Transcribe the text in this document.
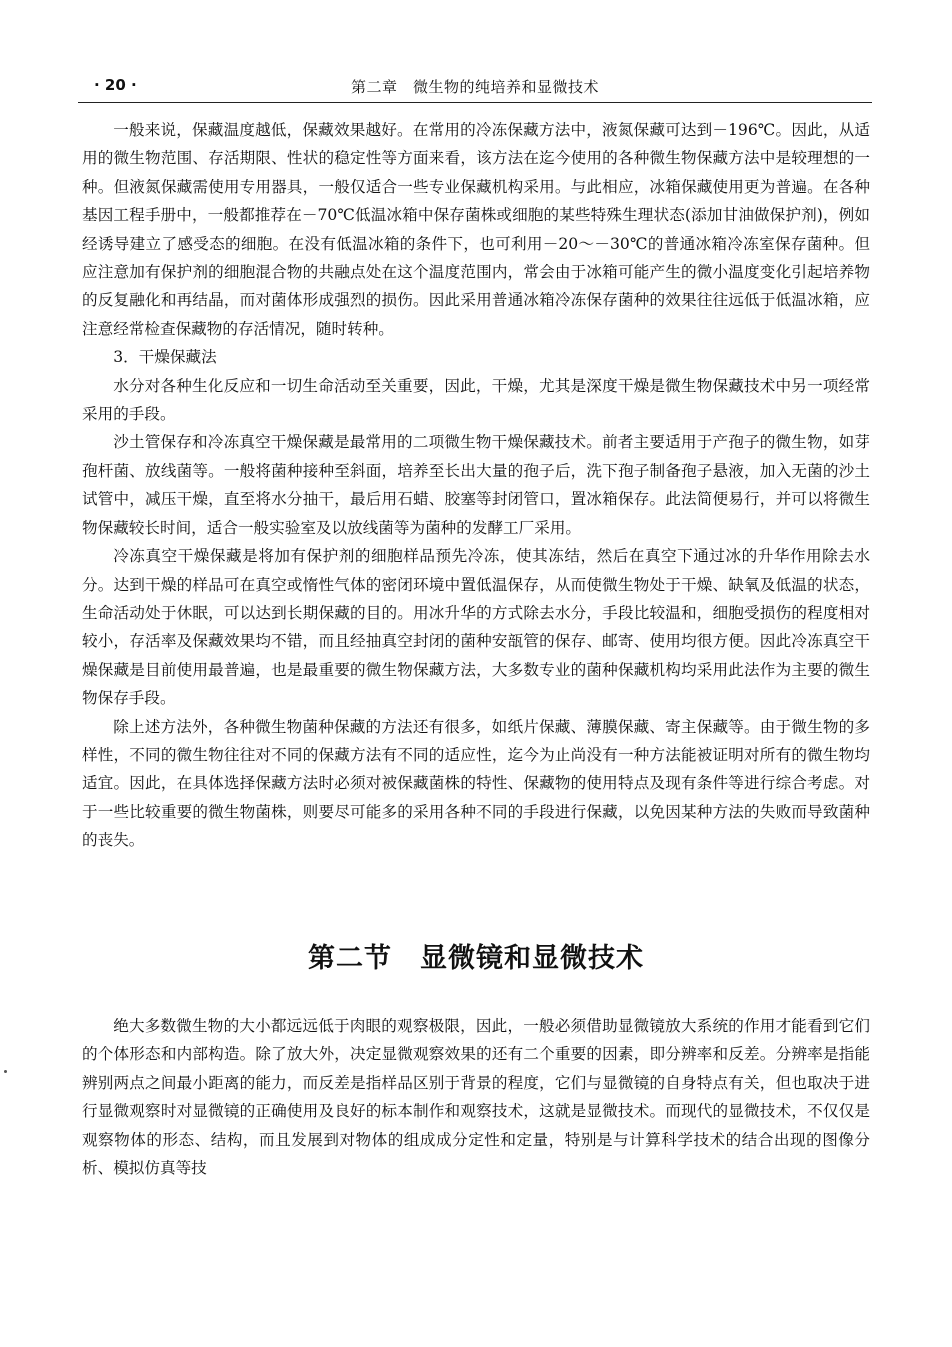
· 20 ·	第二章　微生物的纯培养和显微技术

一般来说，保藏温度越低，保藏效果越好。在常用的冷冻保藏方法中，液氮保藏可达到－196℃。因此，从适用的微生物范围、存活期限、性状的稳定性等方面来看，该方法在迄今使用的各种微生物保藏方法中是较理想的一种。但液氮保藏需使用专用器具，一般仅适合一些专业保藏机构采用。与此相应，冰箱保藏使用更为普遍。在各种基因工程手册中，一般都推荐在－70℃低温冰箱中保存菌株或细胞的某些特殊生理状态(添加甘油做保护剂)，例如经诱导建立了感受态的细胞。在没有低温冰箱的条件下，也可利用－20～－30℃的普通冰箱冷冻室保存菌种。但应注意加有保护剂的细胞混合物的共融点处在这个温度范围内，常会由于冰箱可能产生的微小温度变化引起培养物的反复融化和再结晶，而对菌体形成强烈的损伤。因此采用普通冰箱冷冻保存菌种的效果往往远低于低温冰箱，应注意经常检查保藏物的存活情况，随时转种。

3．干燥保藏法

水分对各种生化反应和一切生命活动至关重要，因此，干燥，尤其是深度干燥是微生物保藏技术中另一项经常采用的手段。

沙土管保存和冷冻真空干燥保藏是最常用的二项微生物干燥保藏技术。前者主要适用于产孢子的微生物，如芽孢杆菌、放线菌等。一般将菌种接种至斜面，培养至长出大量的孢子后，洗下孢子制备孢子悬液，加入无菌的沙土试管中，减压干燥，直至将水分抽干，最后用石蜡、胶塞等封闭管口，置冰箱保存。此法简便易行，并可以将微生物保藏较长时间，适合一般实验室及以放线菌等为菌种的发酵工厂采用。

冷冻真空干燥保藏是将加有保护剂的细胞样品预先冷冻，使其冻结，然后在真空下通过冰的升华作用除去水分。达到干燥的样品可在真空或惰性气体的密闭环境中置低温保存，从而使微生物处于干燥、缺氧及低温的状态，生命活动处于休眠，可以达到长期保藏的目的。用冰升华的方式除去水分，手段比较温和，细胞受损伤的程度相对较小，存活率及保藏效果均不错，而且经抽真空封闭的菌种安瓿管的保存、邮寄、使用均很方便。因此冷冻真空干燥保藏是目前使用最普遍，也是最重要的微生物保藏方法，大多数专业的菌种保藏机构均采用此法作为主要的微生物保存手段。

除上述方法外，各种微生物菌种保藏的方法还有很多，如纸片保藏、薄膜保藏、寄主保藏等。由于微生物的多样性，不同的微生物往往对不同的保藏方法有不同的适应性，迄今为止尚没有一种方法能被证明对所有的微生物均适宜。因此，在具体选择保藏方法时必须对被保藏菌株的特性、保藏物的使用特点及现有条件等进行综合考虑。对于一些比较重要的微生物菌株，则要尽可能多的采用各种不同的手段进行保藏，以免因某种方法的失败而导致菌种的丧失。

第二节　显微镜和显微技术

绝大多数微生物的大小都远远低于肉眼的观察极限，因此，一般必须借助显微镜放大系统的作用才能看到它们的个体形态和内部构造。除了放大外，决定显微观察效果的还有二个重要的因素，即分辨率和反差。分辨率是指能辨别两点之间最小距离的能力，而反差是指样品区别于背景的程度，它们与显微镜的自身特点有关，但也取决于进行显微观察时对显微镜的正确使用及良好的标本制作和观察技术，这就是显微技术。而现代的显微技术，不仅仅是观察物体的形态、结构，而且发展到对物体的组成成分定性和定量，特别是与计算科学技术的结合出现的图像分析、模拟仿真等技
